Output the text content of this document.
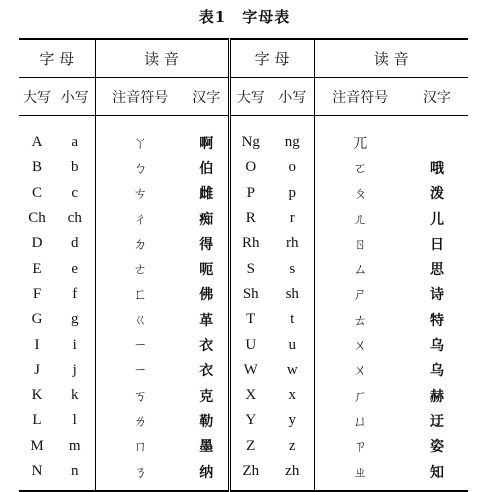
表1　字母表
字 母		读 音		字 母		读 音	
大写	小写	注音符号	汉字	大写	小写	注音符号	汉字
A	a	ㄚ	啊	Ng	ng	ㄫ	
B	b	ㄅ	伯	O	o	ㄛ	哦
C	c	ㄘ	雌	P	p	ㄆ	泼
Ch	ch	ㄔ	痴	R	r	ㄦ	儿
D	d	ㄉ	得	Rh	rh	ㄖ	日
E	e	ㄜ	呃	S	s	ㄙ	思
F	f	ㄈ	佛	Sh	sh	ㄕ	诗
G	g	ㄍ	革	T	t	ㄊ	特
I	i	ㄧ	衣	U	u	ㄨ	乌
J	j	ㄧ	衣	W	w	ㄨ	乌
K	k	ㄎ	克	X	x	ㄏ	赫
L	l	ㄌ	勒	Y	y	ㄩ	迂
M	m	ㄇ	墨	Z	z	ㄗ	姿
N	n	ㄋ	纳	Zh	zh	ㄓ	知
